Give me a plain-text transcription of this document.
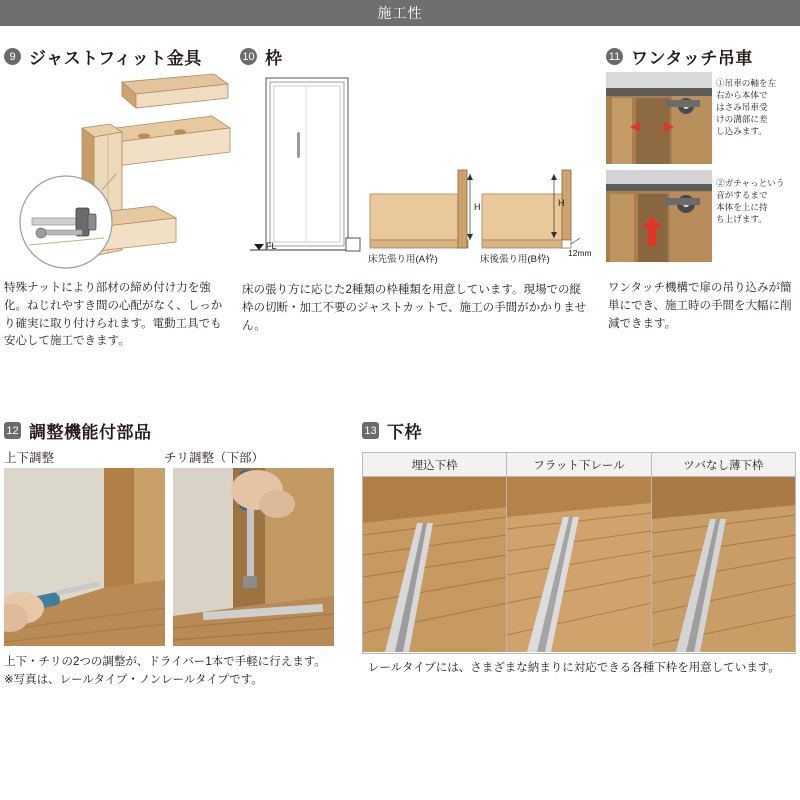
施工性
9 ジャストフィット金具
特殊ナットにより部材の締め付け力を強化。ねじれやすき間の心配がなく、しっかり確実に取り付けられます。電動工具でも安心して施工できます。
10 枠
FL
H
床先張り用(A枠)
H
床後張り用(B枠)
12mm
床の張り方に応じた2種類の枠種類を用意しています。現場での縦枠の切断・加工不要のジャストカットで、施工の手間がかかりません。
11 ワンタッチ吊車
①吊車の軸を左
右から本体で
はさみ吊車受
けの溝部に差
し込みます。
②ガチャっという
音がするまで
本体を上に持
ち上げます。
ワンタッチ機構で扉の吊り込みが簡単にでき、施工時の手間を大幅に削減できます。
12 調整機能付部品
上下調整	チリ調整（下部）
上下・チリの2つの調整が、ドライバー1本で手軽に行えます。
※写真は、レールタイプ・ノンレールタイプです。
13 下枠
埋込下枠	フラット下レール	ツバなし薄下枠
レールタイプには、さまざまな納まりに対応できる各種下枠を用意しています。
